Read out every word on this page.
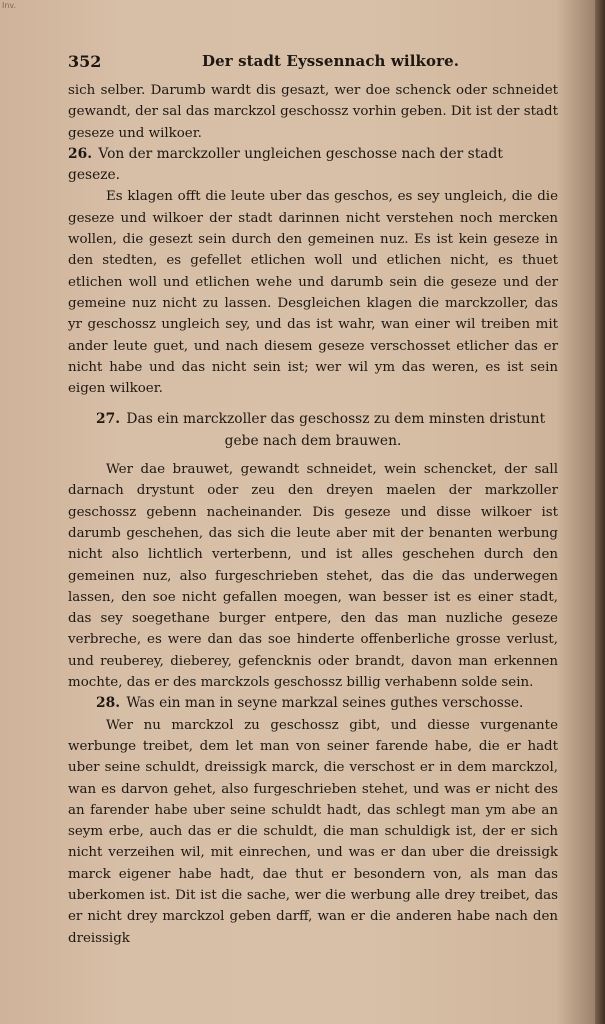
Inv.
352	Der stadt Eyssennach wilkore.

sich selber. Darumb wardt dis gesazt, wer doe schenck oder schneidet gewandt, der sal das marckzol geschossz vorhin geben. Dit ist der stadt geseze und wilkoer.

26. Von der marckzoller ungleichen geschosse nach der stadt geseze.

Es klagen offt die leute uber das geschos, es sey ungleich, die die geseze und wilkoer der stadt darinnen nicht verstehen noch mercken wollen, die gesezt sein durch den gemeinen nuz. Es ist kein geseze in den stedten, es gefellet etlichen woll und etlichen nicht, es thuet etlichen woll und etlichen wehe und darumb sein die geseze und der gemeine nuz nicht zu lassen. Desgleichen klagen die marckzoller, das yr geschossz ungleich sey, und das ist wahr, wan einer wil treiben mit ander leute guet, und nach diesem geseze verschosset etlicher das er nicht habe und das nicht sein ist; wer wil ym das weren, es ist sein eigen wilkoer.

27. Das ein marckzoller das geschossz zu dem minsten dristunt
gebe nach dem brauwen.

Wer dae brauwet, gewandt schneidet, wein schencket, der sall darnach drystunt oder zeu den dreyen maelen der markzoller geschossz gebenn nacheinander. Dis geseze und disse wilkoer ist darumb geschehen, das sich die leute aber mit der benanten werbung nicht also lichtlich verterbenn, und ist alles geschehen durch den gemeinen nuz, also furgeschrieben stehet, das die das underwegen lassen, den soe nicht gefallen moegen, wan besser ist es einer stadt, das sey soegethane burger entpere, den das man nuzliche geseze verbreche, es were dan das soe hinderte offenberliche grosse verlust, und reuberey, dieberey, gefencknis oder brandt, davon man erkennen mochte, das er des marckzols geschossz billig verhabenn solde sein.

28. Was ein man in seyne markzal seines guthes verschosse.

Wer nu marckzol zu geschossz gibt, und diesse vurgenante werbunge treibet, dem let man von seiner farende habe, die er hadt uber seine schuldt, dreissigk marck, die verschost er in dem marckzol, wan es darvon gehet, also furgeschrieben stehet, und was er nicht des an farender habe uber seine schuldt hadt, das schlegt man ym abe an seym erbe, auch das er die schuldt, die man schuldigk ist, der er sich nicht verzeihen wil, mit einrechen, und was er dan uber die dreissigk marck eigener habe hadt, dae thut er besondern von, als man das uberkomen ist. Dit ist die sache, wer die werbung alle drey treibet, das er nicht drey marckzol geben darff, wan er die anderen habe nach den dreissigk
